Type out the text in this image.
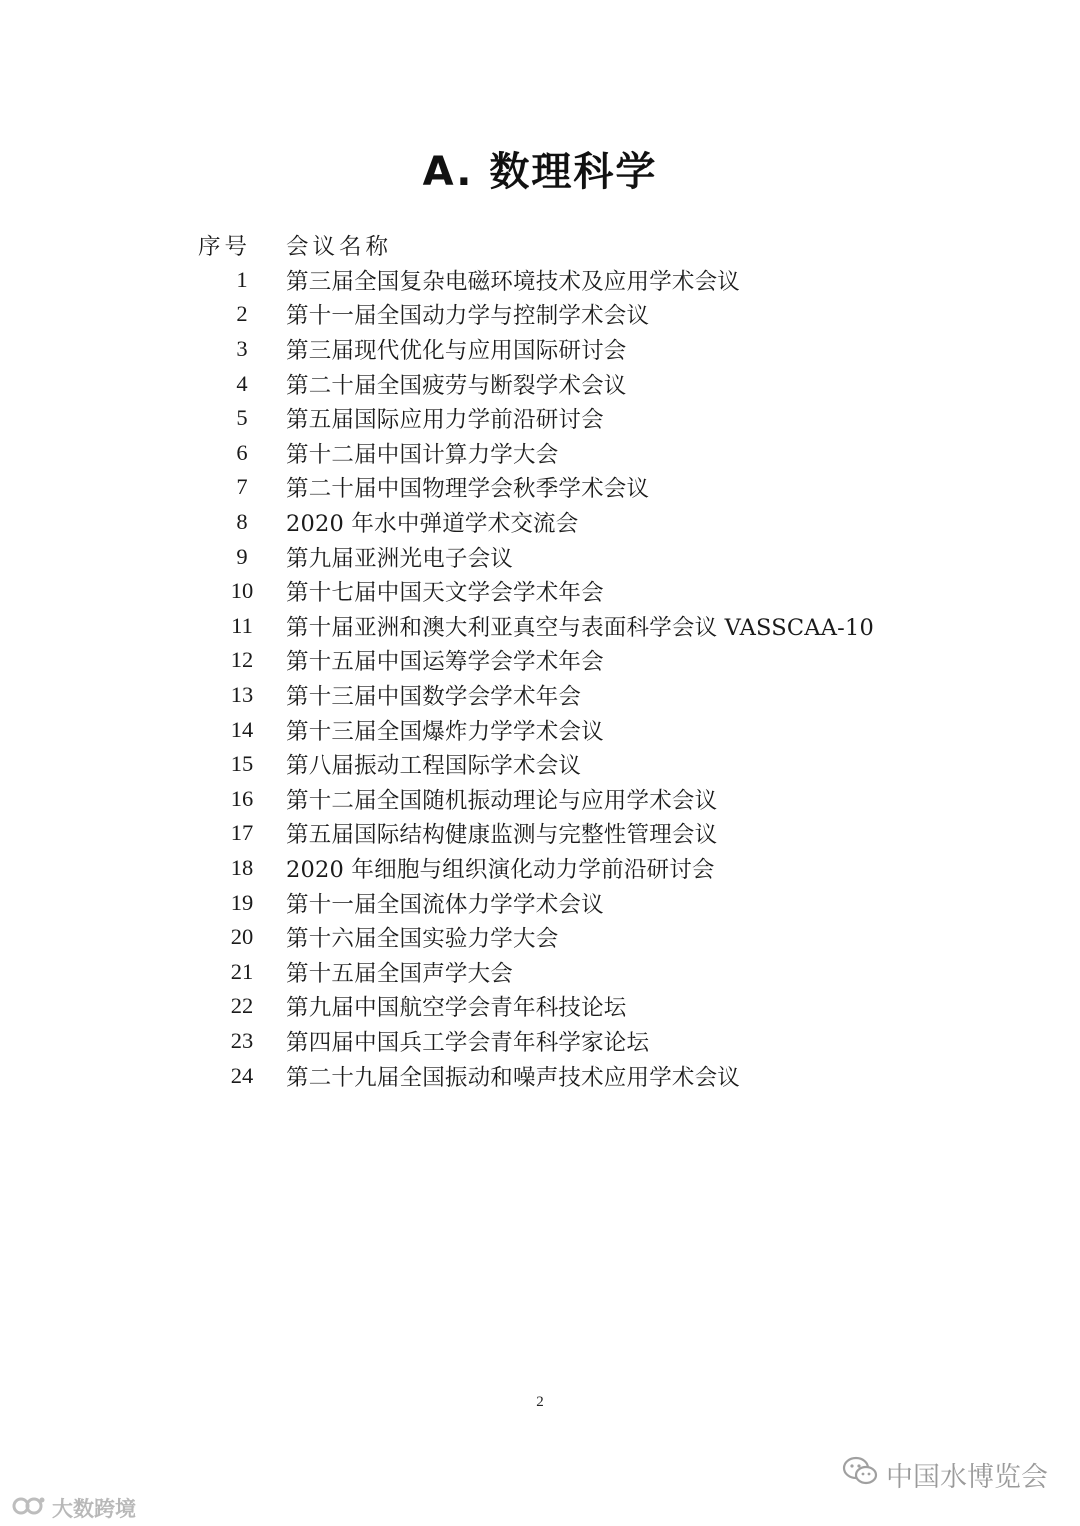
A. 数理科学
序号	会议名称
1	第三届全国复杂电磁环境技术及应用学术会议
2	第十一届全国动力学与控制学术会议
3	第三届现代优化与应用国际研讨会
4	第二十届全国疲劳与断裂学术会议
5	第五届国际应用力学前沿研讨会
6	第十二届中国计算力学大会
7	第二十届中国物理学会秋季学术会议
8	2020 年水中弹道学术交流会
9	第九届亚洲光电子会议
10	第十七届中国天文学会学术年会
11	第十届亚洲和澳大利亚真空与表面科学会议 VASSCAA-10
12	第十五届中国运筹学会学术年会
13	第十三届中国数学会学术年会
14	第十三届全国爆炸力学学术会议
15	第八届振动工程国际学术会议
16	第十二届全国随机振动理论与应用学术会议
17	第五届国际结构健康监测与完整性管理会议
18	2020 年细胞与组织演化动力学前沿研讨会
19	第十一届全国流体力学学术会议
20	第十六届全国实验力学大会
21	第十五届全国声学大会
22	第九届中国航空学会青年科技论坛
23	第四届中国兵工学会青年科学家论坛
24	第二十九届全国振动和噪声技术应用学术会议
2
大数跨境
中国水博览会
